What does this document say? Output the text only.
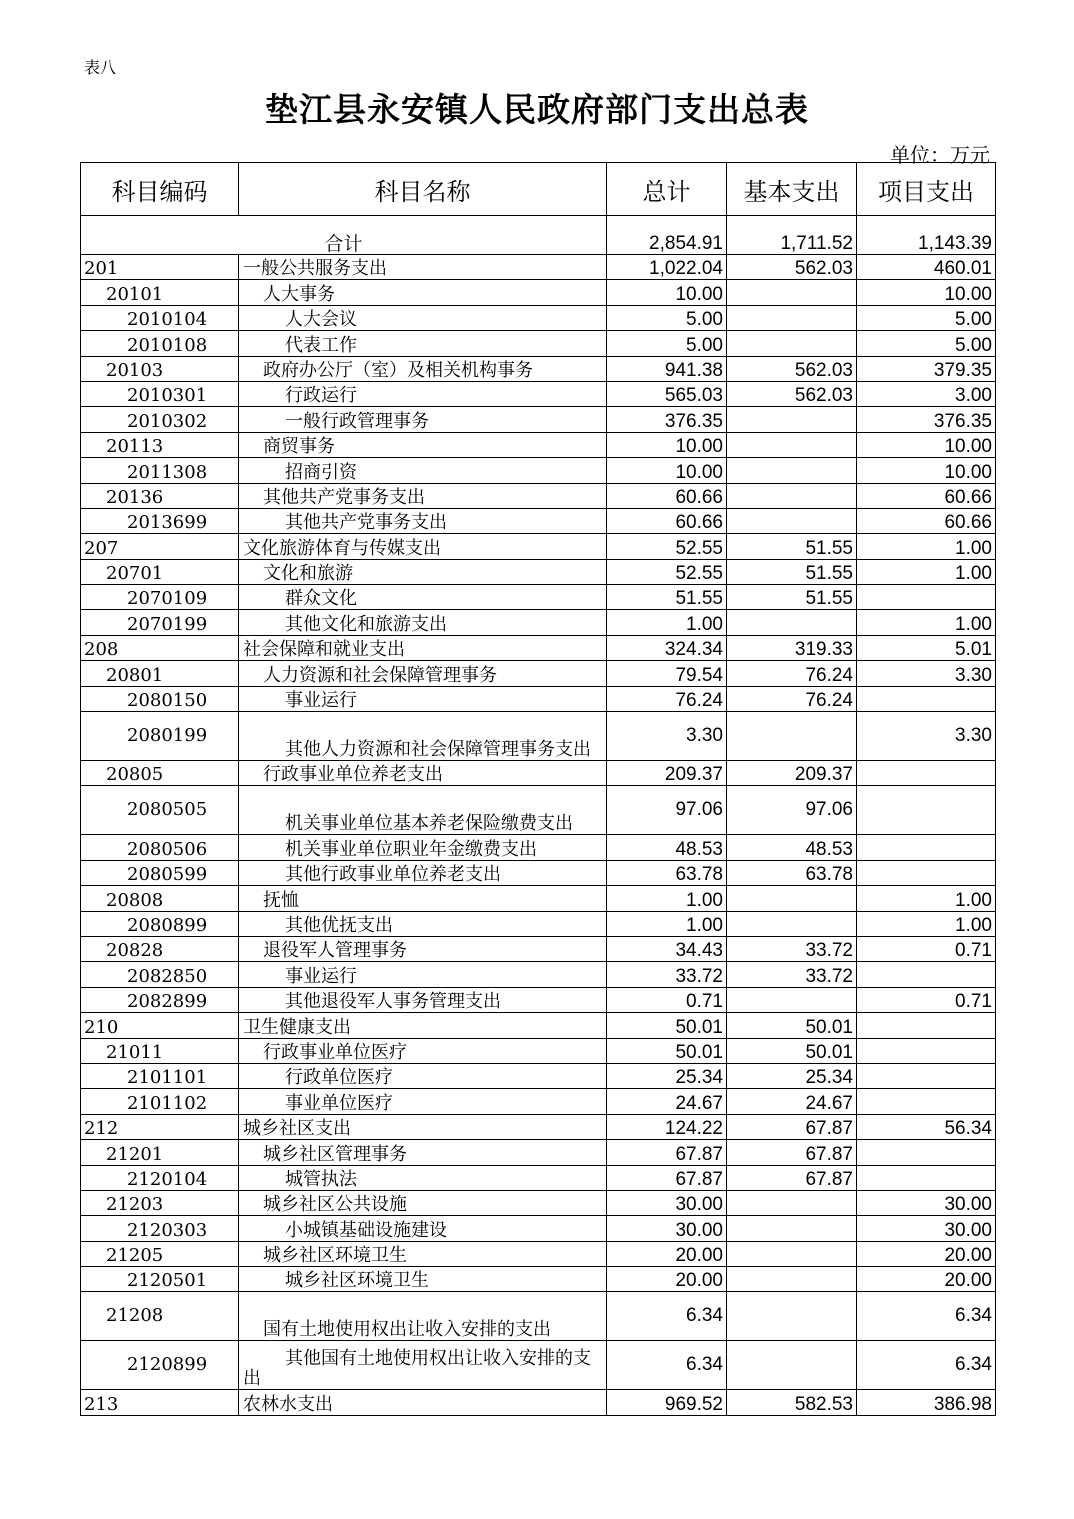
表八
垫江县永安镇人民政府部门支出总表
单位：万元
科目编码	科目名称	总计	基本支出	项目支出
合计		2,854.91	1,711.52	1,143.39
201	一般公共服务支出	1,022.04	562.03	460.01
20101	人大事务	10.00		10.00
2010104	人大会议	5.00		5.00
2010108	代表工作	5.00		5.00
20103	政府办公厅（室）及相关机构事务	941.38	562.03	379.35
2010301	行政运行	565.03	562.03	3.00
2010302	一般行政管理事务	376.35		376.35
20113	商贸事务	10.00		10.00
2011308	招商引资	10.00		10.00
20136	其他共产党事务支出	60.66		60.66
2013699	其他共产党事务支出	60.66		60.66
207	文化旅游体育与传媒支出	52.55	51.55	1.00
20701	文化和旅游	52.55	51.55	1.00
2070109	群众文化	51.55	51.55	
2070199	其他文化和旅游支出	1.00		1.00
208	社会保障和就业支出	324.34	319.33	5.01
20801	人力资源和社会保障管理事务	79.54	76.24	3.30
2080150	事业运行	76.24	76.24	
2080199	其他人力资源和社会保障管理事务支出	3.30		3.30
20805	行政事业单位养老支出	209.37	209.37	
2080505	机关事业单位基本养老保险缴费支出	97.06	97.06	
2080506	机关事业单位职业年金缴费支出	48.53	48.53	
2080599	其他行政事业单位养老支出	63.78	63.78	
20808	抚恤	1.00		1.00
2080899	其他优抚支出	1.00		1.00
20828	退役军人管理事务	34.43	33.72	0.71
2082850	事业运行	33.72	33.72	
2082899	其他退役军人事务管理支出	0.71		0.71
210	卫生健康支出	50.01	50.01	
21011	行政事业单位医疗	50.01	50.01	
2101101	行政单位医疗	25.34	25.34	
2101102	事业单位医疗	24.67	24.67	
212	城乡社区支出	124.22	67.87	56.34
21201	城乡社区管理事务	67.87	67.87	
2120104	城管执法	67.87	67.87	
21203	城乡社区公共设施	30.00		30.00
2120303	小城镇基础设施建设	30.00		30.00
21205	城乡社区环境卫生	20.00		20.00
2120501	城乡社区环境卫生	20.00		20.00
21208	国有土地使用权出让收入安排的支出	6.34		6.34
2120899	其他国有土地使用权出让收入安排的支出	6.34		6.34
213	农林水支出	969.52	582.53	386.98
